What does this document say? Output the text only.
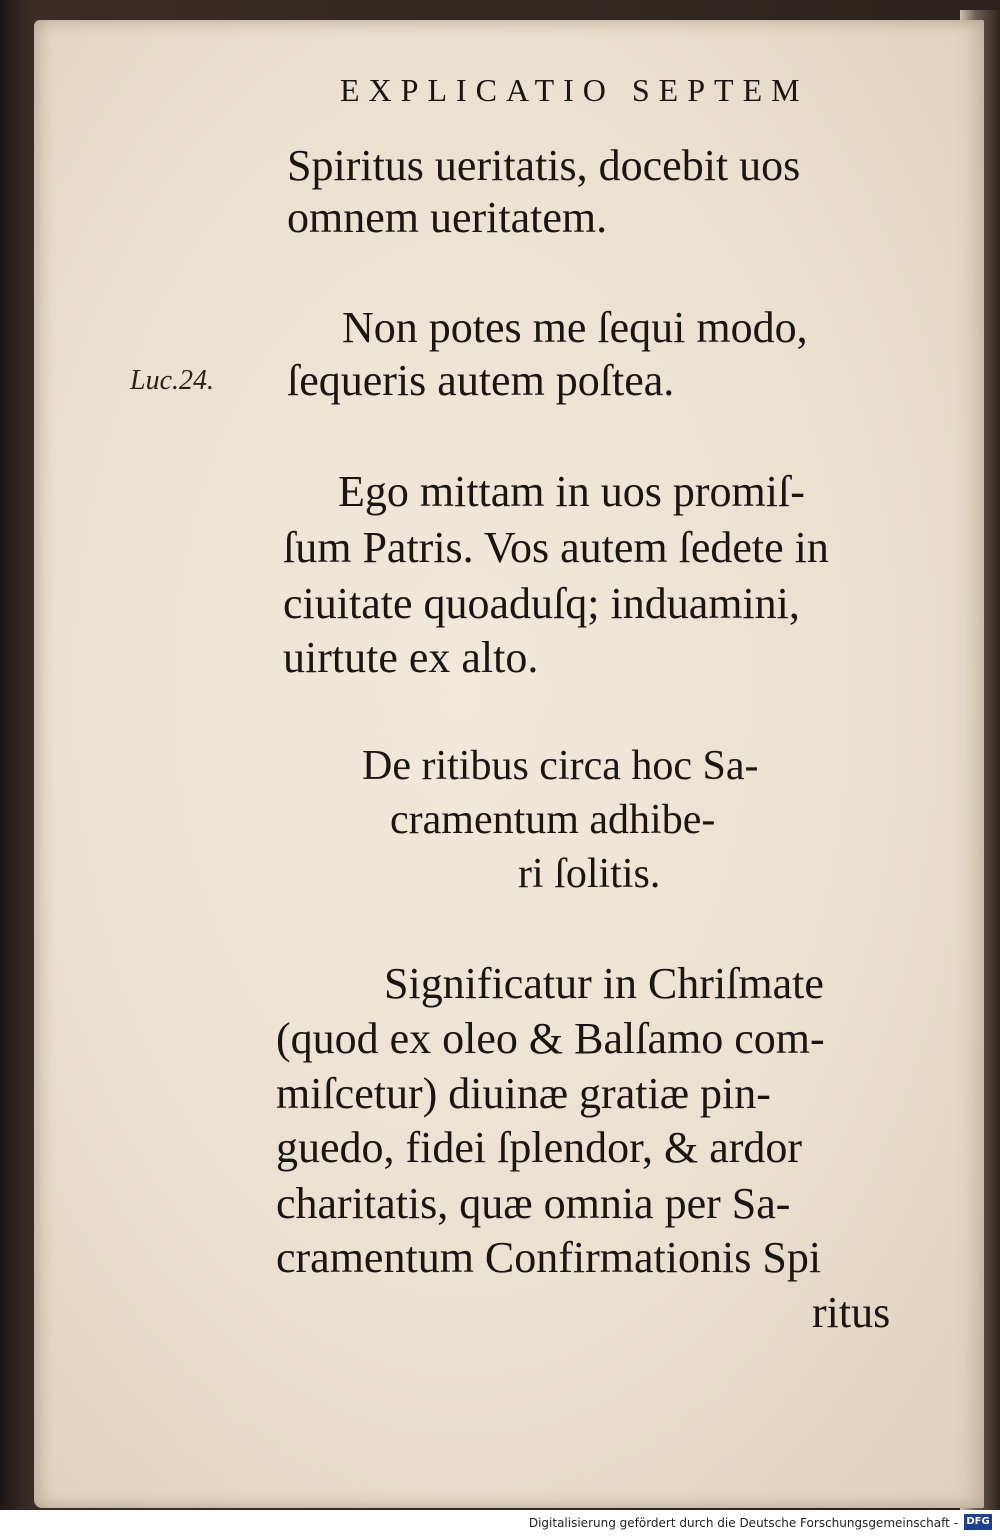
EXPLICATIO SEPTEM
Spiritus ueritatis, docebit uos
omnem ueritatem.
Non potes me ſequi modo,
Luc.24. ſequeris autem poſtea.
Ego mittam in uos promiſ-
ſum Patris. Vos autem ſedete in
ciuitate quoaduſq; induamini,
uirtute ex alto.
De ritibus circa hoc Sa-
cramentum adhibe-
ri ſolitis.
Significatur in Chriſmate
(quod ex oleo & Balſamo com-
miſcetur) diuinæ gratiæ pin-
guedo, fidei ſplendor, & ardor
charitatis, quæ omnia per Sa-
cramentum Confirmationis Spi
ritus
Digitalisierung gefördert durch die Deutsche Forschungsgemeinschaft - DFG
